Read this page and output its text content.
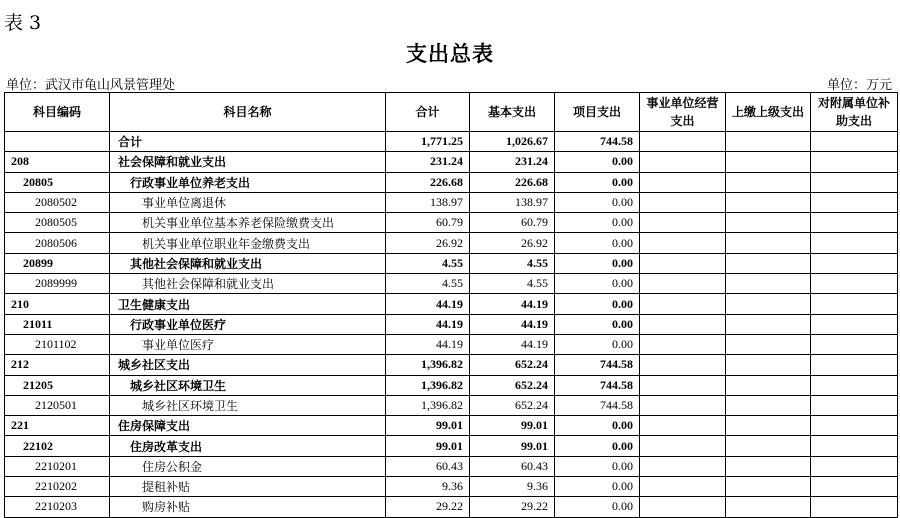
表 3
支出总表
单位：武汉市龟山风景管理处	单位：万元
科目编码	科目名称	合计	基本支出	项目支出	事业单位经营支出	上缴上级支出	对附属单位补助支出
	合计	1,771.25	1,026.67	744.58			
208	社会保障和就业支出	231.24	231.24	0.00			
20805	行政事业单位养老支出	226.68	226.68	0.00			
2080502	事业单位离退休	138.97	138.97	0.00			
2080505	机关事业单位基本养老保险缴费支出	60.79	60.79	0.00			
2080506	机关事业单位职业年金缴费支出	26.92	26.92	0.00			
20899	其他社会保障和就业支出	4.55	4.55	0.00			
2089999	其他社会保障和就业支出	4.55	4.55	0.00			
210	卫生健康支出	44.19	44.19	0.00			
21011	行政事业单位医疗	44.19	44.19	0.00			
2101102	事业单位医疗	44.19	44.19	0.00			
212	城乡社区支出	1,396.82	652.24	744.58			
21205	城乡社区环境卫生	1,396.82	652.24	744.58			
2120501	城乡社区环境卫生	1,396.82	652.24	744.58			
221	住房保障支出	99.01	99.01	0.00			
22102	住房改革支出	99.01	99.01	0.00			
2210201	住房公积金	60.43	60.43	0.00			
2210202	提租补贴	9.36	9.36	0.00			
2210203	购房补贴	29.22	29.22	0.00			
